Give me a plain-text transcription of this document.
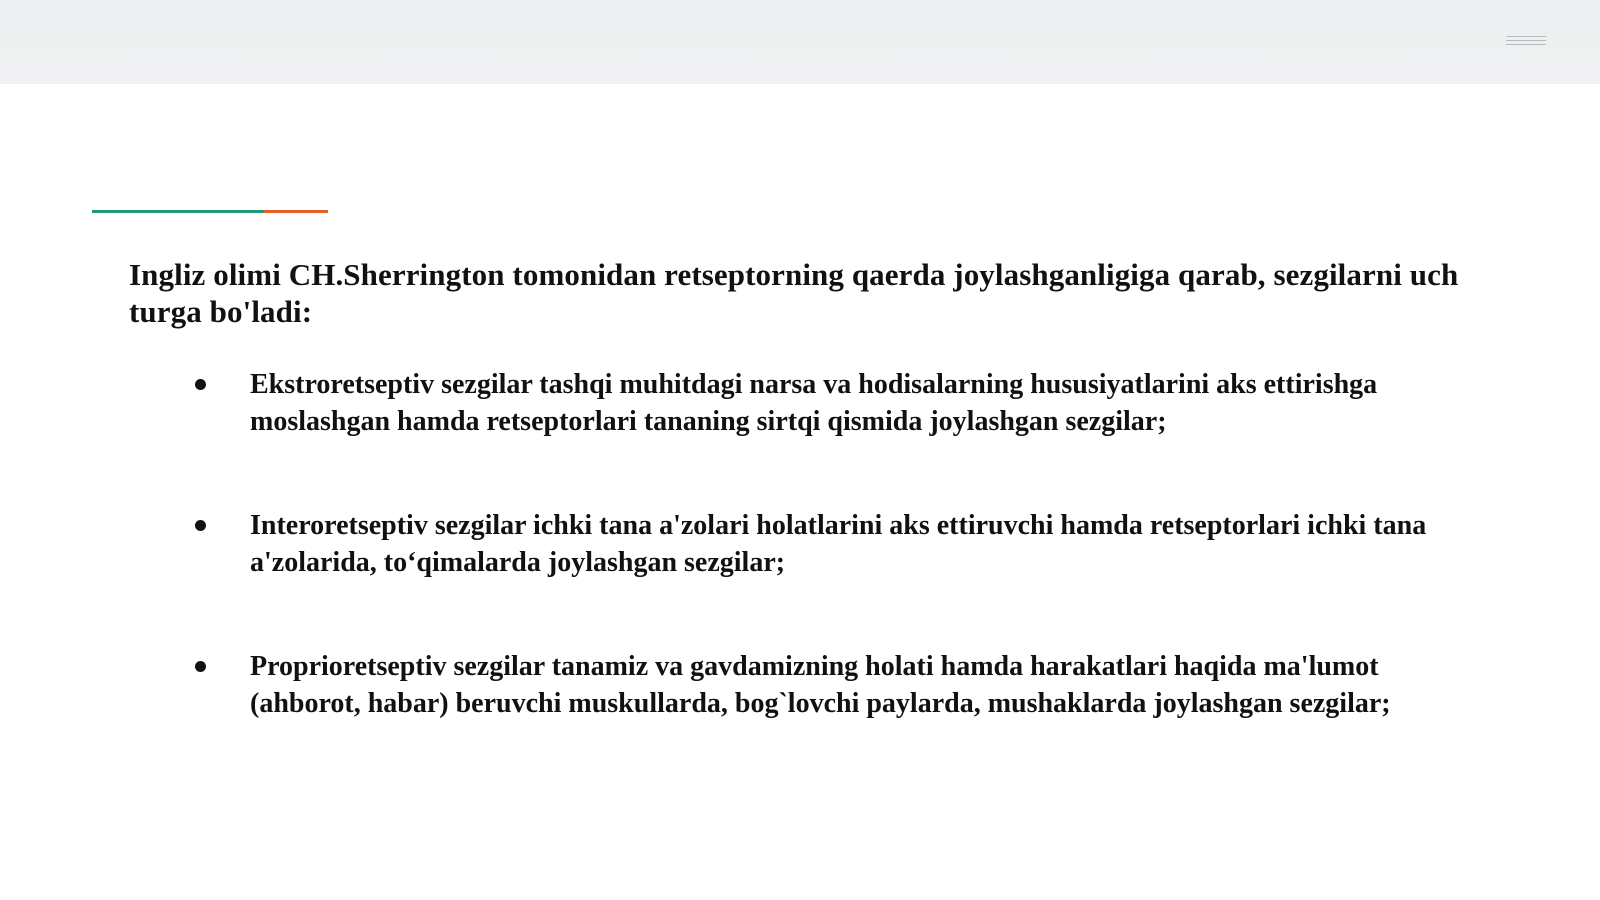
Ingliz olimi CH.Sherrington tomonidan retseptorning qaerda joylashganligiga qarab, sezgilarni uch turga bo'ladi:

Ekstroretseptiv sezgilar tashqi muhitdagi narsa va hodisalarning hususiyatlarini aks ettirishga moslashgan hamda retseptorlari tananing sirtqi qismida joylashgan sezgilar;
Interoretseptiv sezgilar ichki tana a'zolari holatlarini aks ettiruvchi hamda retseptorlari ichki tana a'zolarida, to‘qimalarda joylashgan sezgilar;
Proprioretseptiv sezgilar tanamiz va gavdamizning holati hamda harakatlari haqida ma'lumot (ahborot, habar) beruvchi muskullarda, bog`lovchi paylarda, mushaklarda joylashgan sezgilar;
